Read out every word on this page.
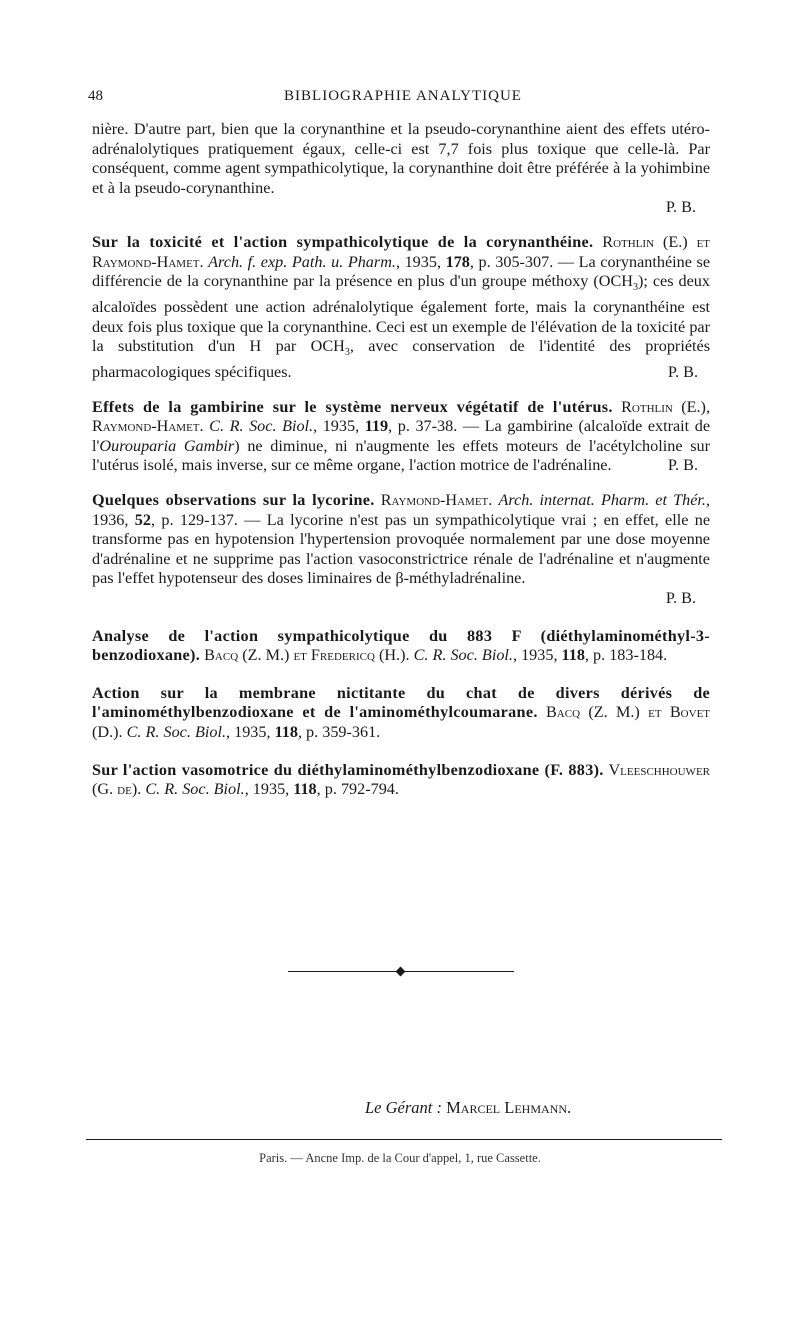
48	BIBLIOGRAPHIE ANALYTIQUE

nière. D'autre part, bien que la corynanthine et la pseudo-corynanthine aient des effets utéro-adrénalolytiques pratiquement égaux, celle-ci est 7,7 fois plus toxique que celle-là. Par conséquent, comme agent sympathicolytique, la corynanthine doit être préférée à la yohimbine et à la pseudo-corynanthine.
P. B.

Sur la toxicité et l'action sympathicolytique de la corynanthéine. Rothlin (E.) et Raymond-Hamet. Arch. f. exp. Path. u. Pharm., 1935, 178, p. 305-307. — La corynanthéine se différencie de la corynanthine par la présence en plus d'un groupe méthoxy $(OCH_3)$; ces deux alcaloïdes possèdent une action adrénalolytique également forte, mais la corynanthéine est deux fois plus toxique que la corynanthine. Ceci est un exemple de l'élévation de la toxicité par la substitution d'un H par $OCH_3$, avec conservation de l'identité des propriétés pharmacologiques spécifiques.	P. B.

Effets de la gambirine sur le système nerveux végétatif de l'utérus. Rothlin (E.), Raymond-Hamet. C. R. Soc. Biol., 1935, 119, p. 37-38. — La gambirine (alcaloïde extrait de l'Ourouparia Gambir) ne diminue, ni n'augmente les effets moteurs de l'acétylcholine sur l'utérus isolé, mais inverse, sur ce même organe, l'action motrice de l'adrénaline.	P. B.

Quelques observations sur la lycorine. Raymond-Hamet. Arch. internat. Pharm. et Thér., 1936, 52, p. 129-137. — La lycorine n'est pas un sympathicolytique vrai ; en effet, elle ne transforme pas en hypotension l'hypertension provoquée normalement par une dose moyenne d'adrénaline et ne supprime pas l'action vasoconstrictrice rénale de l'adrénaline et n'augmente pas l'effet hypotenseur des doses liminaires de β-méthyladrénaline.
P. B.

Analyse de l'action sympathicolytique du 883 F (diéthylaminométhyl-3-benzodioxane). Bacq (Z. M.) et Fredericq (H.). C. R. Soc. Biol., 1935, 118, p. 183-184.

Action sur la membrane nictitante du chat de divers dérivés de l'aminométhylbenzodioxane et de l'aminométhylcoumarane. Bacq (Z. M.) et Bovet (D.). C. R. Soc. Biol., 1935, 118, p. 359-361.

Sur l'action vasomotrice du diéthylaminométhylbenzodioxane (F. 883). Vleeschhouwer (G. de). C. R. Soc. Biol., 1935, 118, p. 792-794.

Le Gérant : Marcel Lehmann.
Paris. — Ancne Imp. de la Cour d'appel, 1, rue Cassette.
